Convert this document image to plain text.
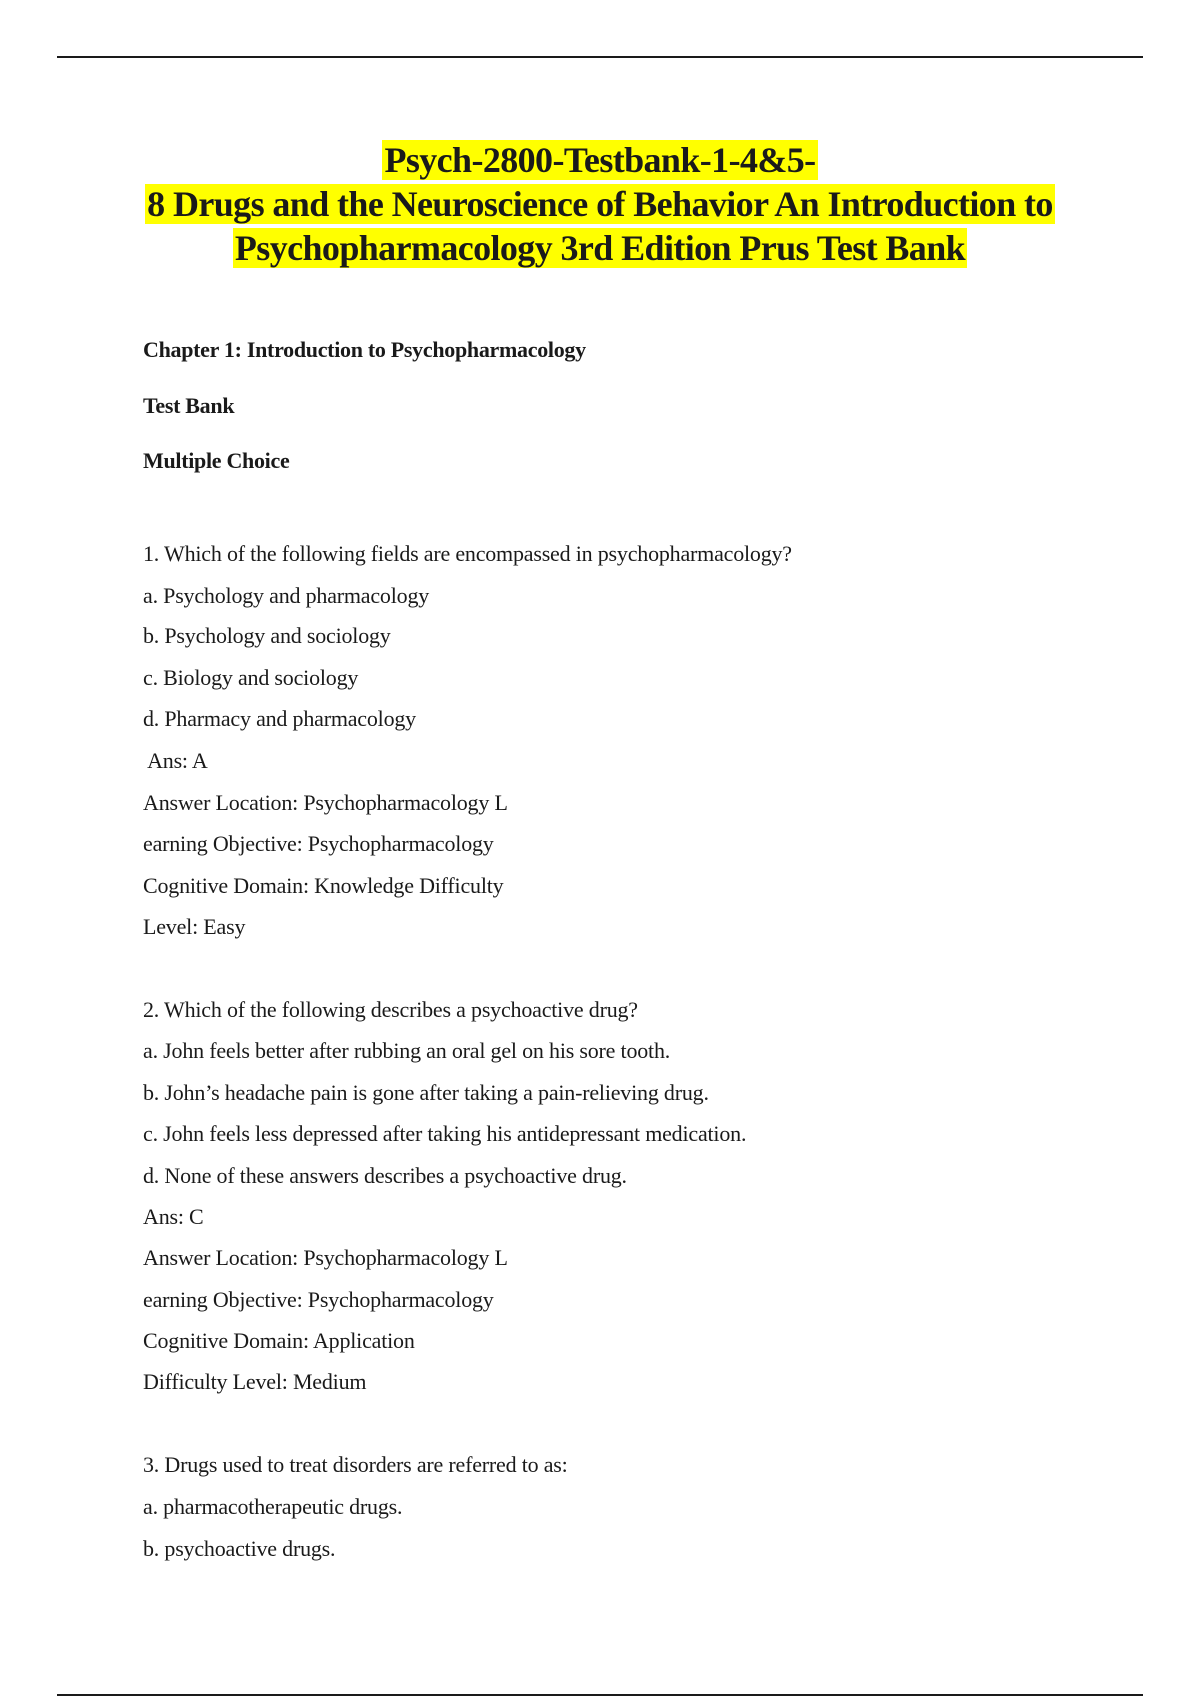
Psych-2800-Testbank-1-4&5-
8 Drugs and the Neuroscience of Behavior An Introduction to
Psychopharmacology 3rd Edition Prus Test Bank
Chapter 1: Introduction to Psychopharmacology
Test Bank
Multiple Choice
1. Which of the following fields are encompassed in psychopharmacology?
a. Psychology and pharmacology
b. Psychology and sociology
c. Biology and sociology
d. Pharmacy and pharmacology
Ans: A
Answer Location: Psychopharmacology L
earning Objective: Psychopharmacology
Cognitive Domain: Knowledge Difficulty
Level: Easy
2. Which of the following describes a psychoactive drug?
a. John feels better after rubbing an oral gel on his sore tooth.
b. John’s headache pain is gone after taking a pain-relieving drug.
c. John feels less depressed after taking his antidepressant medication.
d. None of these answers describes a psychoactive drug.
Ans: C
Answer Location: Psychopharmacology L
earning Objective: Psychopharmacology
Cognitive Domain: Application
Difficulty Level: Medium
3. Drugs used to treat disorders are referred to as:
a. pharmacotherapeutic drugs.
b. psychoactive drugs.
